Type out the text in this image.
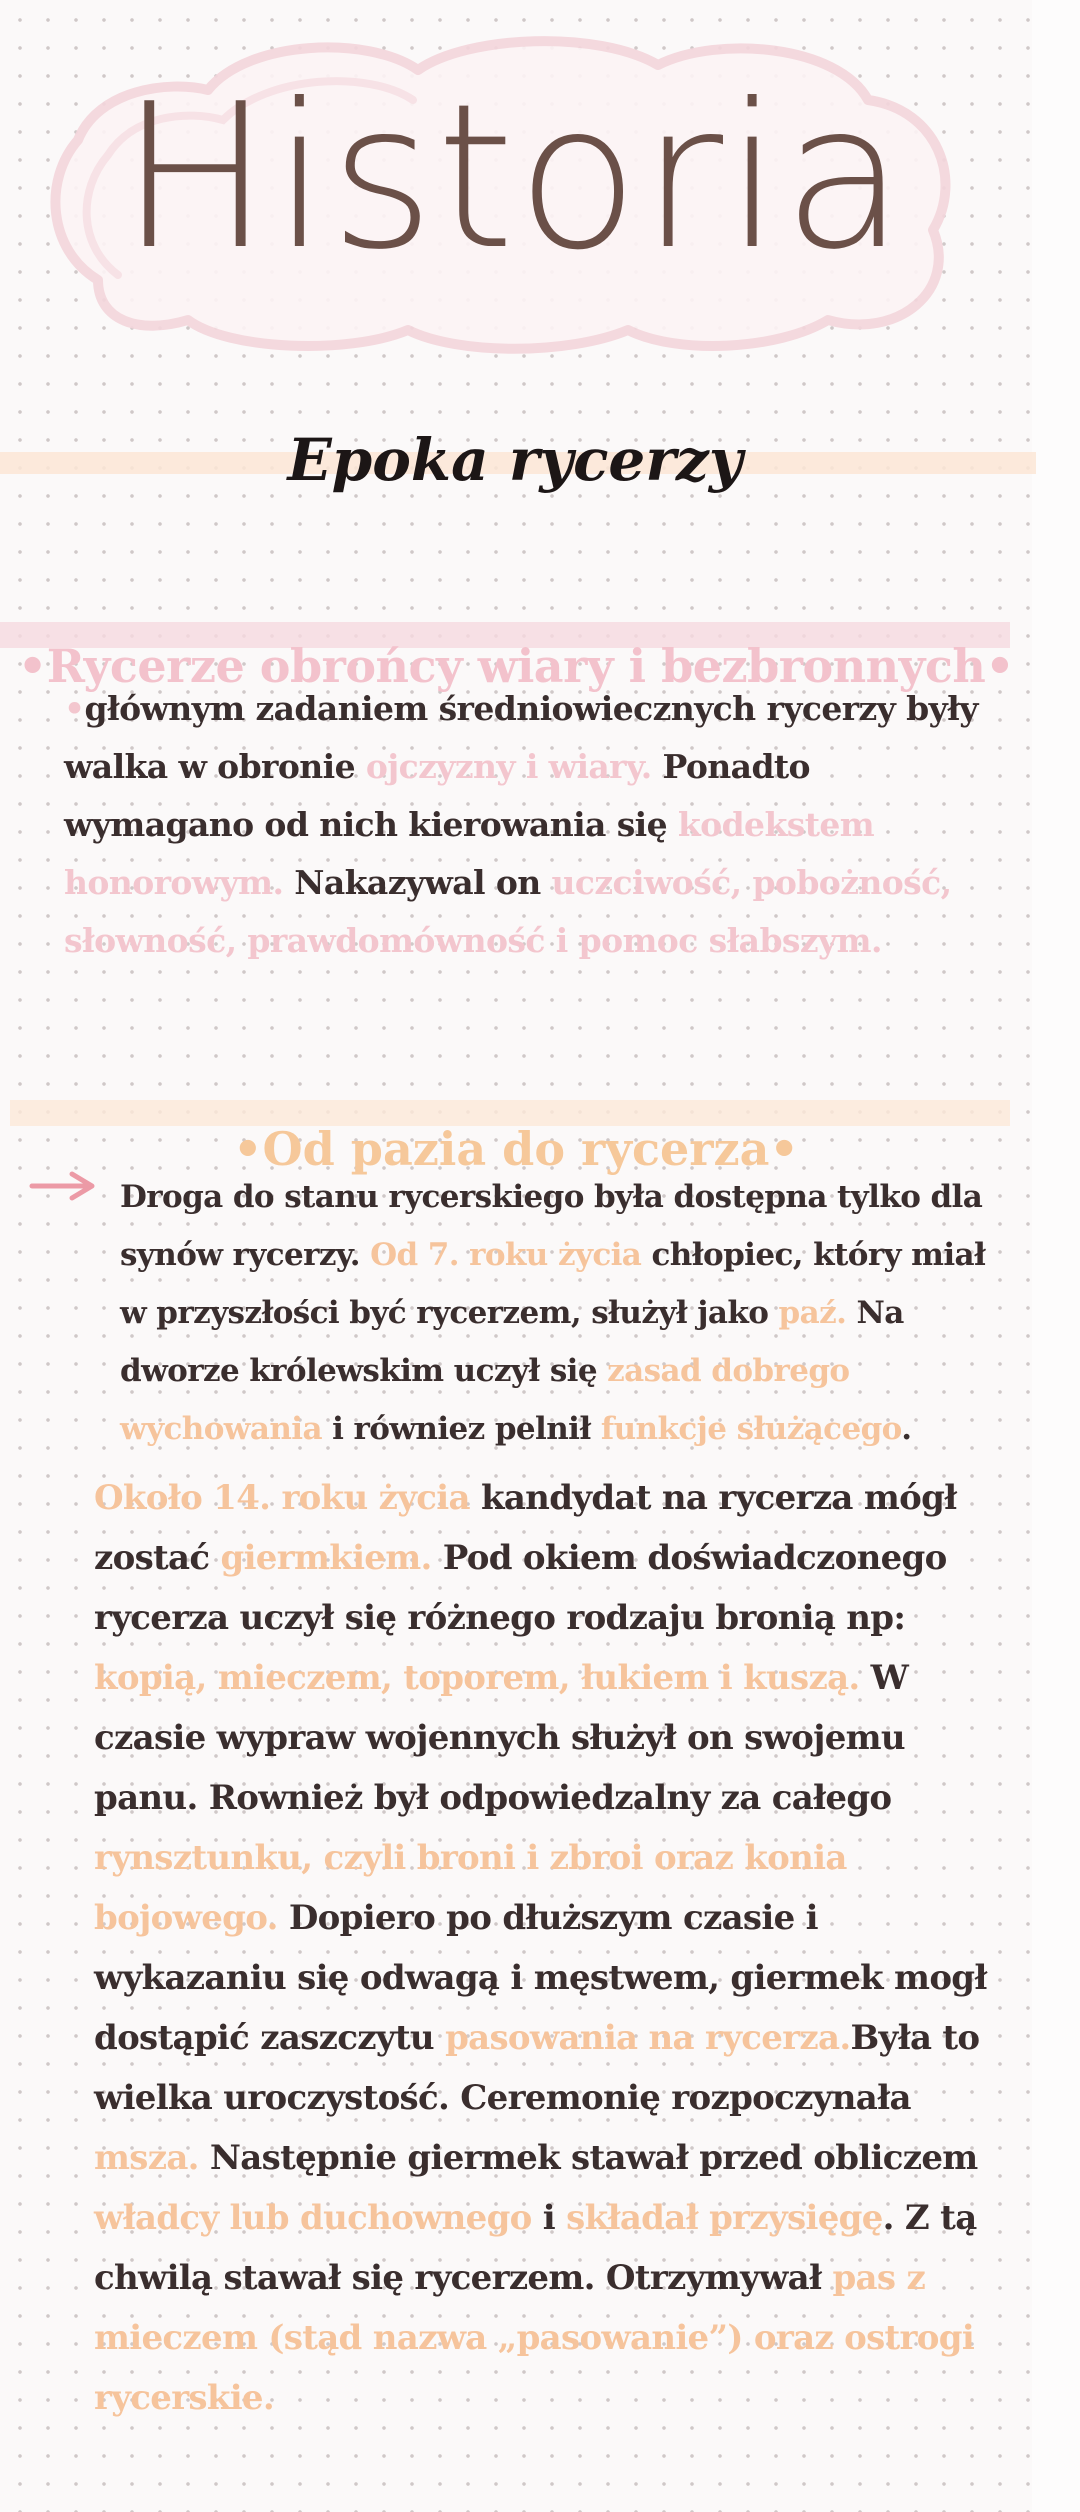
Historia
Epoka rycerzy
•Rycerze obrońcy wiary i bezbronnych•

•głównym zadaniem średniowiecznych rycerzy były walka w obronie ojczyzny i wiary. Ponadto wymagano od nich kierowania się kodekstem honorowym. Nakazywal on uczciwość, pobożność, słowność, prawdomówność i pomoc słabszym.

•Od pazia do rycerza•

Droga do stanu rycerskiego była dostępna tylko dla synów rycerzy. Od 7. roku życia chłopiec, który miał w przyszłości być rycerzem, służył jako paź. Na dworze królewskim uczył się zasad dobrego wychowania i równiez pelnił funkcje służącego.

Około 14. roku życia kandydat na rycerza mógł zostać giermkiem. Pod okiem doświadczonego rycerza uczył się różnego rodzaju bronią np: kopią, mieczem, toporem, łukiem i kuszą. W czasie wypraw wojennych służył on swojemu panu. Rownież był odpowiedzalny za całego rynsztunku, czyli broni i zbroi oraz konia bojowego. Dopiero po dłuższym czasie i wykazaniu się odwagą i męstwem, giermek mogł dostąpić zaszczytu pasowania na rycerza.Była to wielka uroczystość. Ceremonię rozpoczynała msza. Następnie giermek stawał przed obliczem władcy lub duchownego i składał przysięgę. Z tą chwilą stawał się rycerzem. Otrzymywał pas z mieczem (stąd nazwa „pasowanie”) oraz ostrogi rycerskie.
